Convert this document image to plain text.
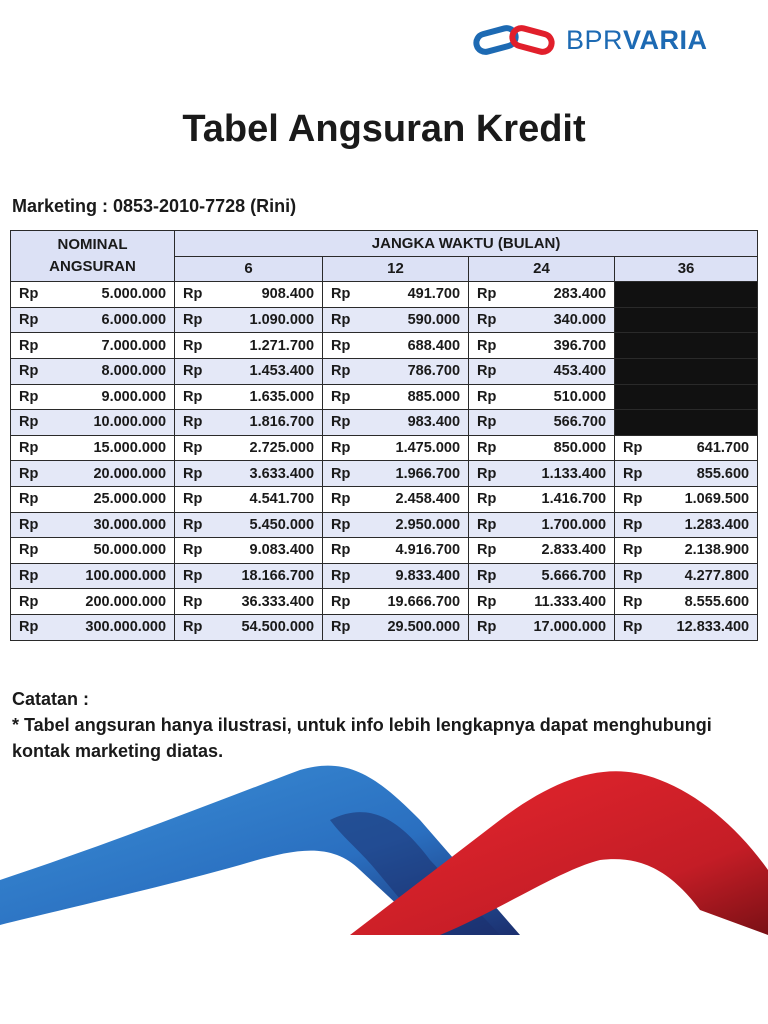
BPRVARIA
Tabel Angsuran Kredit
Marketing : 0853-2010-7728 (Rini)
NOMINAL
ANGSURAN		JANGKA WAKTU (BULAN)							
		6		12		24		36	
Rp	5.000.000	Rp	908.400	Rp	491.700	Rp	283.400		
Rp	6.000.000	Rp	1.090.000	Rp	590.000	Rp	340.000		
Rp	7.000.000	Rp	1.271.700	Rp	688.400	Rp	396.700		
Rp	8.000.000	Rp	1.453.400	Rp	786.700	Rp	453.400		
Rp	9.000.000	Rp	1.635.000	Rp	885.000	Rp	510.000		
Rp	10.000.000	Rp	1.816.700	Rp	983.400	Rp	566.700		
Rp	15.000.000	Rp	2.725.000	Rp	1.475.000	Rp	850.000	Rp	641.700
Rp	20.000.000	Rp	3.633.400	Rp	1.966.700	Rp	1.133.400	Rp	855.600
Rp	25.000.000	Rp	4.541.700	Rp	2.458.400	Rp	1.416.700	Rp	1.069.500
Rp	30.000.000	Rp	5.450.000	Rp	2.950.000	Rp	1.700.000	Rp	1.283.400
Rp	50.000.000	Rp	9.083.400	Rp	4.916.700	Rp	2.833.400	Rp	2.138.900
Rp	100.000.000	Rp	18.166.700	Rp	9.833.400	Rp	5.666.700	Rp	4.277.800
Rp	200.000.000	Rp	36.333.400	Rp	19.666.700	Rp	11.333.400	Rp	8.555.600
Rp	300.000.000	Rp	54.500.000	Rp	29.500.000	Rp	17.000.000	Rp	12.833.400
Catatan :
* Tabel angsuran hanya ilustrasi, untuk info lebih lengkapnya dapat menghubungi
kontak marketing diatas.
